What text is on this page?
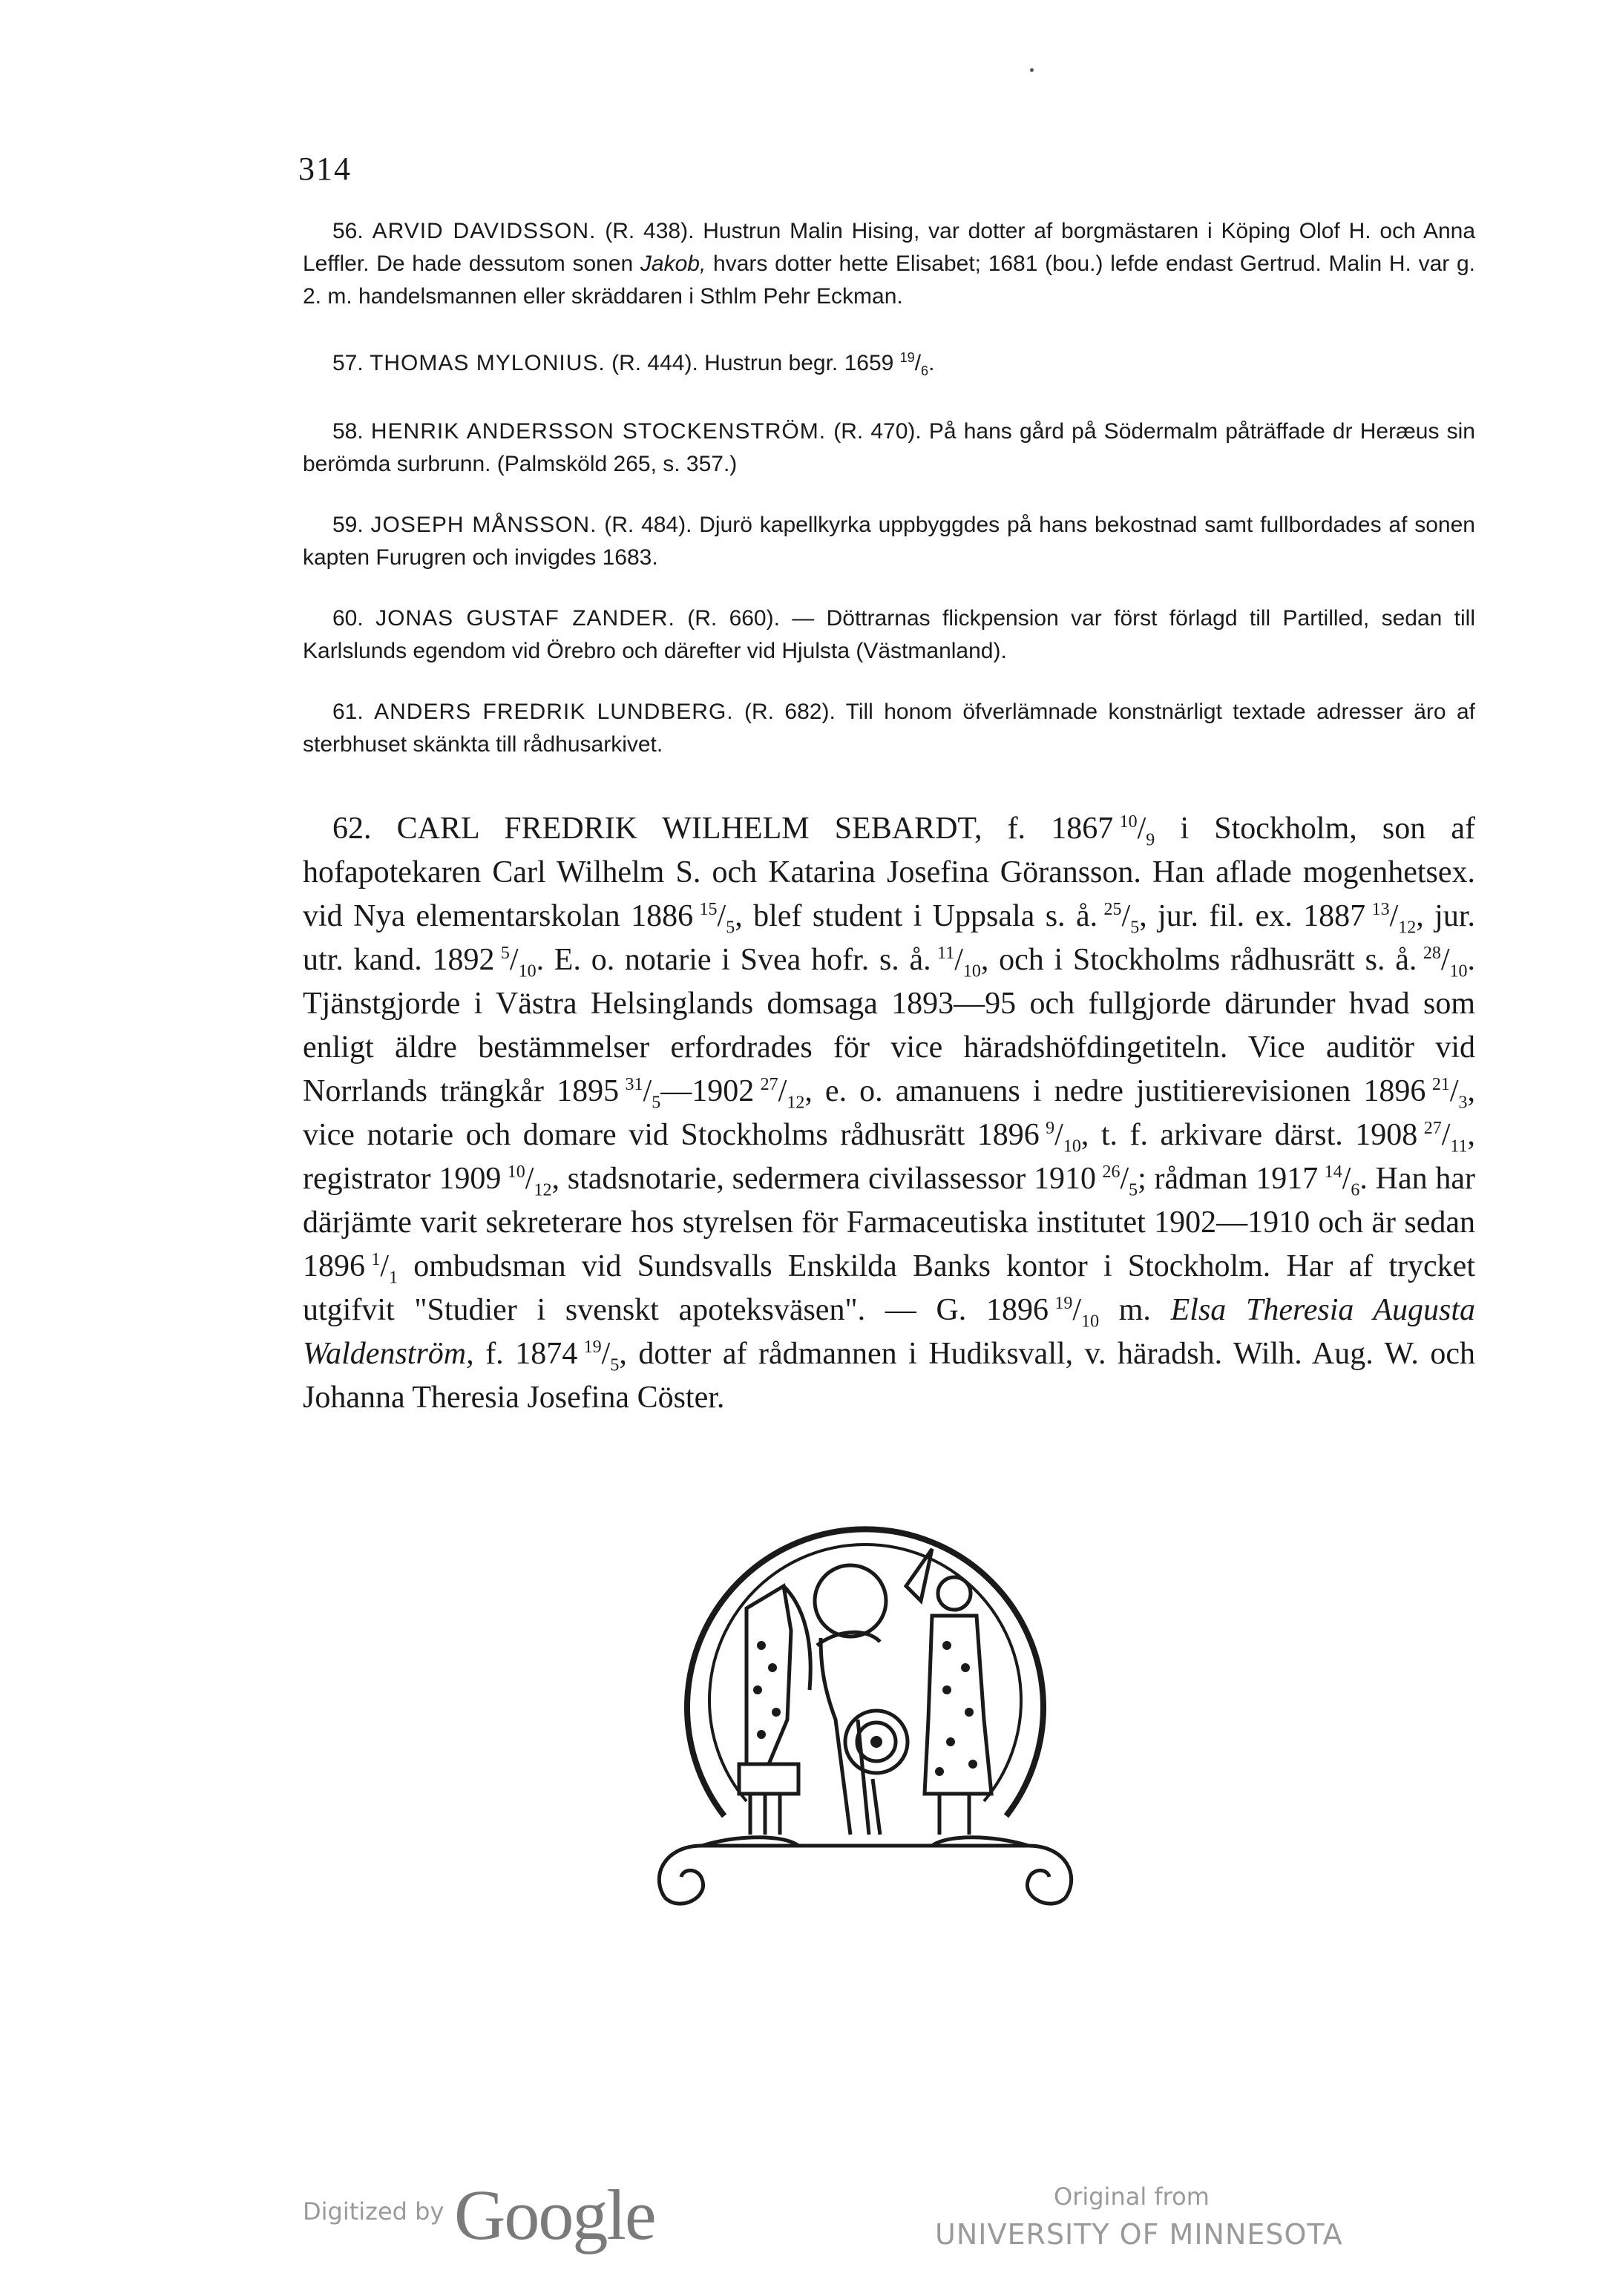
314

56. ARVID DAVIDSSON. (R. 438). Hustrun Malin Hising, var dotter af borgmästaren i Köping Olof H. och Anna Leffler. De hade dessutom sonen Jakob, hvars dotter hette Elisabet; 1681 (bou.) lefde endast Gertrud. Malin H. var g. 2. m. handelsmannen eller skräddaren i Sthlm Pehr Eckman.

57. THOMAS MYLONIUS. (R. 444). Hustrun begr. 1659 $^{19}/_6$.

58. HENRIK ANDERSSON STOCKENSTRÖM. (R. 470). På hans gård på Södermalm påträffade dr Heræus sin berömda surbrunn. (Palmsköld 265, s. 357.)

59. JOSEPH MÅNSSON. (R. 484). Djurö kapellkyrka uppbyggdes på hans bekostnad samt fullbordades af sonen kapten Furugren och invigdes 1683.

60. JONAS GUSTAF ZANDER. (R. 660). — Döttrarnas flickpension var först förlagd till Partilled, sedan till Karlslunds egendom vid Örebro och därefter vid Hjulsta (Västmanland).

61. ANDERS FREDRIK LUNDBERG. (R. 682). Till honom öfverlämnade konstnärligt textade adresser äro af sterbhuset skänkta till rådhusarkivet.

62. CARL FREDRIK WILHELM SEBARDT, f. 1867  $^{10}/_9$ i Stockholm, son af hofapotekaren Carl Wilhelm S. och Katarina Josefina Göransson. Han aflade mogenhetsex. vid Nya elementarskolan 1886  $^{15}/_5$, blef student i Uppsala s. å.  $^{25}/_5$, jur. fil. ex. 1887  $^{13}/_{12}$, jur. utr. kand. 1892  $^5/_{10}$. E. o. notarie i Svea hofr. s. å.  $^{11}/_{10}$, och i Stockholms rådhusrätt s. å.  $^{28}/_{10}$. Tjänstgjorde i Västra Helsinglands domsaga 1893—95 och fullgjorde därunder hvad som enligt äldre bestämmelser erfordrades för vice häradshöfdingetiteln. Vice auditör vid Norrlands trängkår 1895  $^{31}/_5—1902$  $^{27}/_{12}$, e. o. amanuens i nedre justitierevisionen 1896  $^{21}/_3$, vice notarie och domare vid Stockholms rådhusrätt 1896  $^9/_{10}$, t. f. arkivare därst. 1908  $^{27}/_{11}$, registrator 1909  $^{10}/_{12}$, stadsnotarie, sedermera civilassessor 1910  $^{26}/_5$; rådman 1917  $^{14}/_6$. Han har därjämte varit sekreterare hos styrelsen för Farmaceutiska institutet 1902—1910 och är sedan 1896  $^1/_1$ ombudsman vid Sundsvalls Enskilda Banks kontor i Stockholm. Har af trycket utgifvit "Studier i svenskt apoteksväsen". — G. 1896  $^{19}/_{10}$ m. Elsa Theresia Augusta Waldenström, f. 1874  $^{19}/_5$, dotter af rådmannen i Hudiksvall, v. häradsh. Wilh. Aug. W. och Johanna Theresia Josefina Cöster.

Digitized by Google	Original from
UNIVERSITY OF MINNESOTA
